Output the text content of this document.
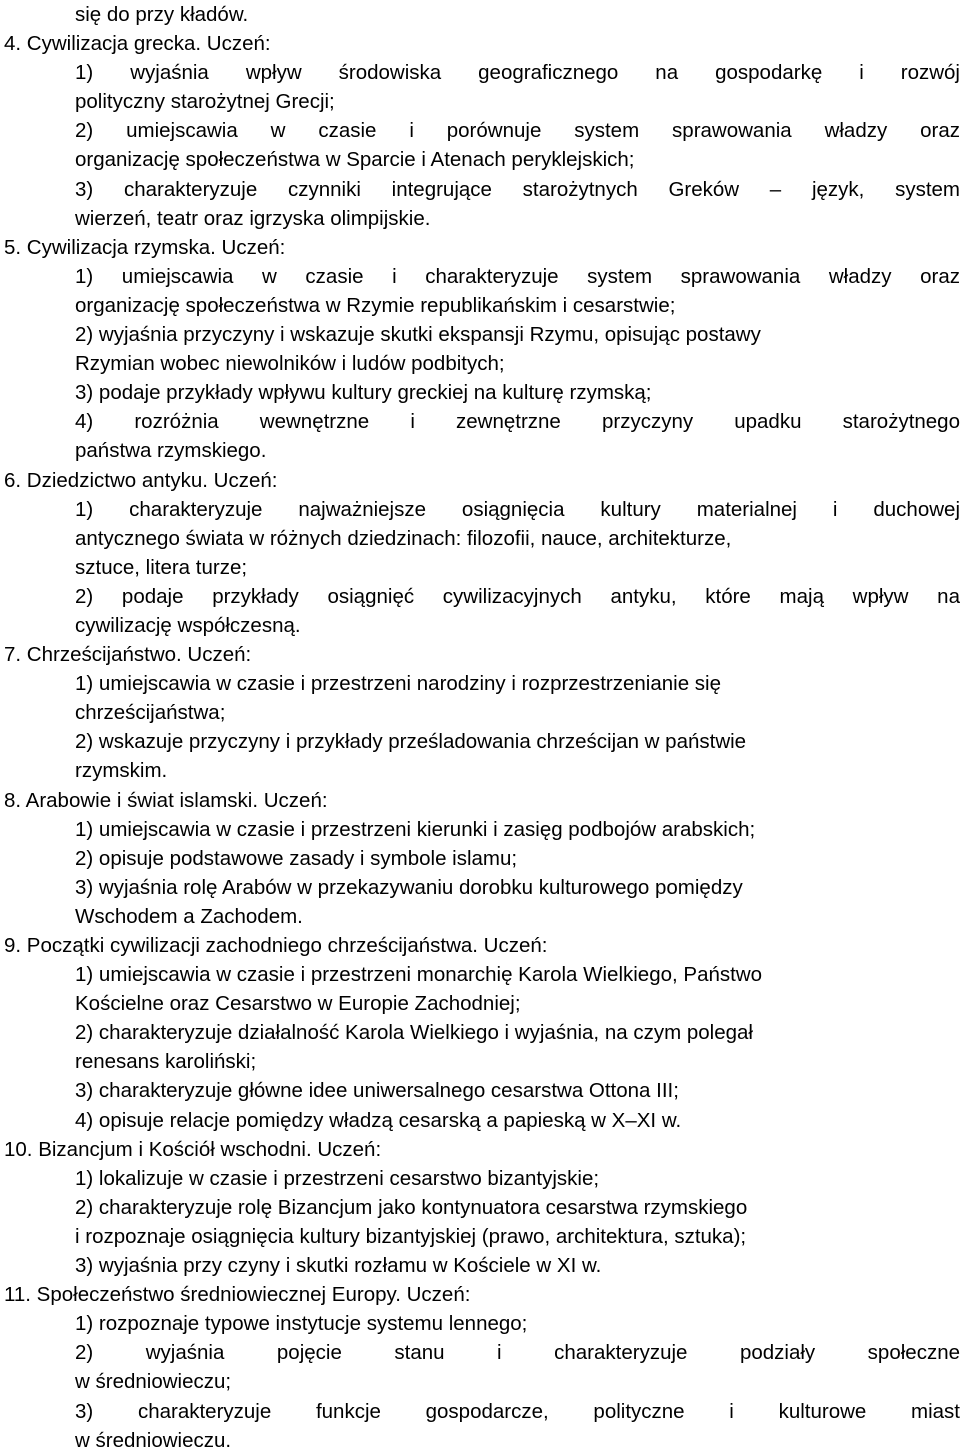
się do przy kładów.
4. Cywilizacja grecka. Uczeń:
1) wyjaśnia wpływ środowiska geograficznego na gospodarkę i rozwój
polityczny starożytnej Grecji;
2) umiejscawia w czasie i porównuje system sprawowania władzy oraz
organizację społeczeństwa w Sparcie i Atenach peryklejskich;
3) charakteryzuje czynniki integrujące starożytnych Greków – język, system
wierzeń, teatr oraz igrzyska olimpijskie.
5. Cywilizacja rzymska. Uczeń:
1) umiejscawia w czasie i charakteryzuje system sprawowania władzy oraz
organizację społeczeństwa w Rzymie republikańskim i cesarstwie;
2) wyjaśnia przyczyny i wskazuje skutki ekspansji Rzymu, opisując postawy
Rzymian wobec niewolników i ludów podbitych;
3) podaje przykłady wpływu kultury greckiej na kulturę rzymską;
4) rozróżnia wewnętrzne i zewnętrzne przyczyny upadku starożytnego
państwa rzymskiego.
6. Dziedzictwo antyku. Uczeń:
1) charakteryzuje najważniejsze osiągnięcia kultury materialnej i duchowej
antycznego świata w różnych dziedzinach: filozofii, nauce, architekturze,
sztuce, litera turze;
2) podaje przykłady osiągnięć cywilizacyjnych antyku, które mają wpływ na
cywilizację współczesną.
7. Chrześcijaństwo. Uczeń:
1) umiejscawia w czasie i przestrzeni narodziny i rozprzestrzenianie się
chrześcijaństwa;
2) wskazuje przyczyny i przykłady prześladowania chrześcijan w państwie
rzymskim.
8. Arabowie i świat islamski. Uczeń:
1) umiejscawia w czasie i przestrzeni kierunki i zasięg podbojów arabskich;
2) opisuje podstawowe zasady i symbole islamu;
3) wyjaśnia rolę Arabów w przekazywaniu dorobku kulturowego pomiędzy
Wschodem a Zachodem.
9. Początki cywilizacji zachodniego chrześcijaństwa. Uczeń:
1) umiejscawia w czasie i przestrzeni monarchię Karola Wielkiego, Państwo
Kościelne oraz Cesarstwo w Europie Zachodniej;
2) charakteryzuje działalność Karola Wielkiego i wyjaśnia, na czym polegał
renesans karoliński;
3) charakteryzuje główne idee uniwersalnego cesarstwa Ottona III;
4) opisuje relacje pomiędzy władzą cesarską a papieską w X–XI w.
10. Bizancjum i Kościół wschodni. Uczeń:
1) lokalizuje w czasie i przestrzeni cesarstwo bizantyjskie;
2) charakteryzuje rolę Bizancjum jako kontynuatora cesarstwa rzymskiego
i rozpoznaje osiągnięcia kultury bizantyjskiej (prawo, architektura, sztuka);
3) wyjaśnia przy czyny i skutki rozłamu w Kościele w XI w.
11. Społeczeństwo średniowiecznej Europy. Uczeń:
1) rozpoznaje typowe instytucje systemu lennego;
2) wyjaśnia pojęcie stanu i charakteryzuje podziały społeczne
w średniowieczu;
3) charakteryzuje funkcje gospodarcze, polityczne i kulturowe miast
w średniowieczu.
